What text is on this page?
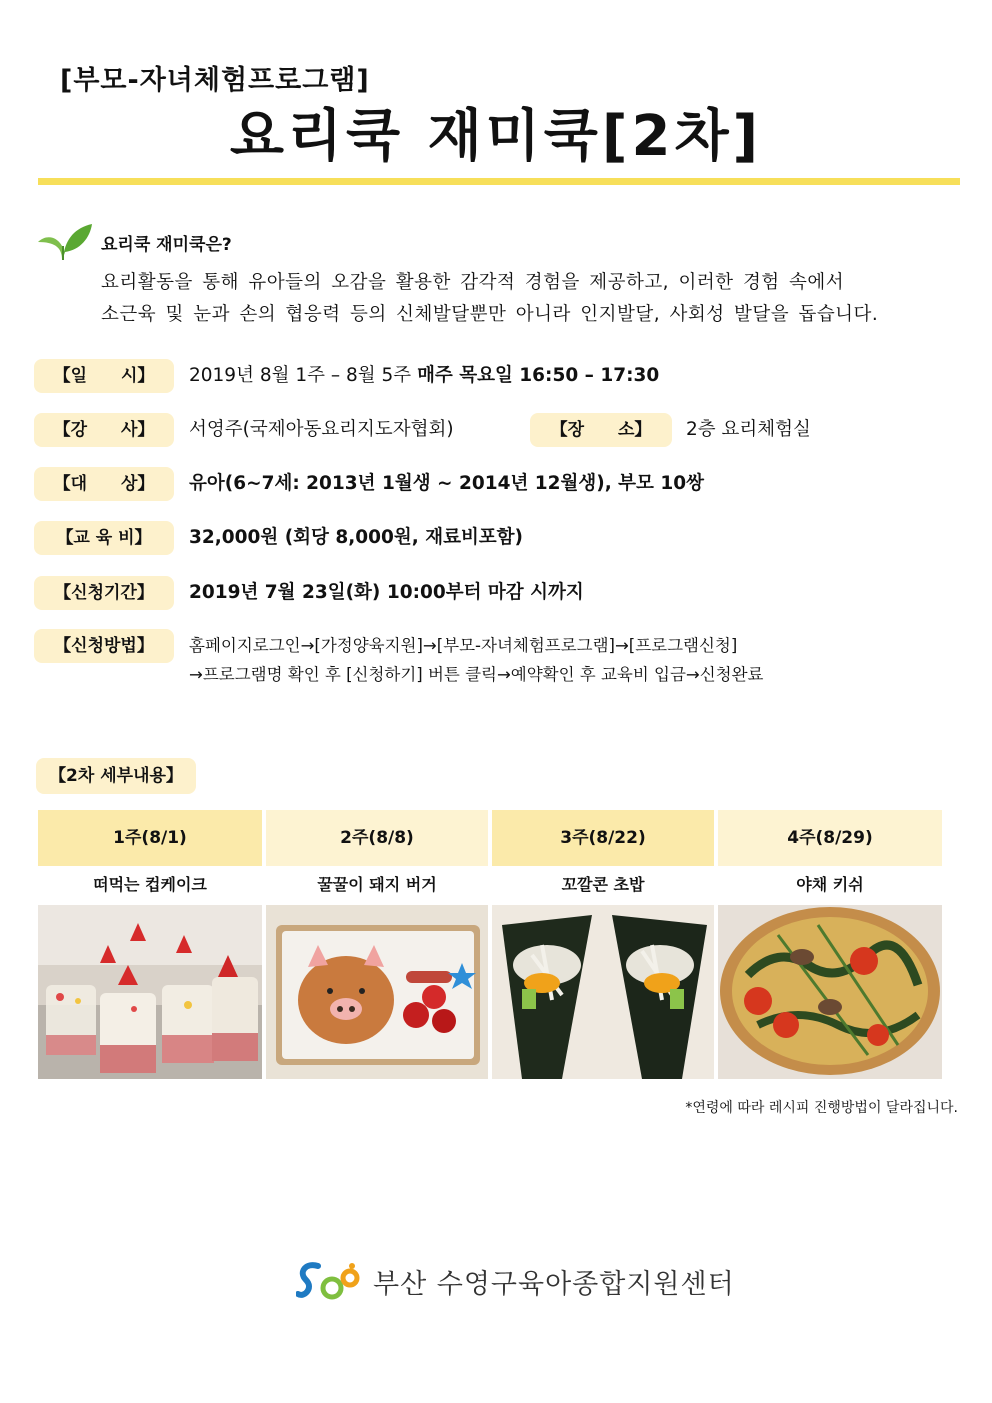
[부모-자녀체험프로그램]
요리쿡 재미쿡[2차]
요리쿡 재미쿡은?
요리활동을 통해 유아들의 오감을 활용한 감각적 경험을 제공하고, 이러한 경험 속에서
소근육 및 눈과 손의 협응력 등의 신체발달뿐만 아니라 인지발달, 사회성 발달을 돕습니다.
【일　　시】	2019년 8월 1주 – 8월 5주 매주 목요일 16:50 – 17:30
【강　　사】	서영주(국제아동요리지도자협회)	【장　　소】	2층 요리체험실
【대　　상】	유아(6~7세: 2013년 1월생 ~ 2014년 12월생), 부모 10쌍
【교 육 비】	32,000원 (회당 8,000원, 재료비포함)
【신청기간】	2019년 7월 23일(화) 10:00부터 마감 시까지
【신청방법】	홈페이지로그인→[가정양육지원]→[부모-자녀체험프로그램]→[프로그램신청]
→프로그램명 확인 후 [신청하기] 버튼 클릭→예약확인 후 교육비 입금→신청완료
【2차 세부내용】
1주(8/1)	2주(8/8)	3주(8/22)	4주(8/29)
떠먹는 컵케이크	꿀꿀이 돼지 버거	꼬깔콘 초밥	야채 키쉬
*연령에 따라 레시피 진행방법이 달라집니다.
부산 수영구육아종합지원센터
